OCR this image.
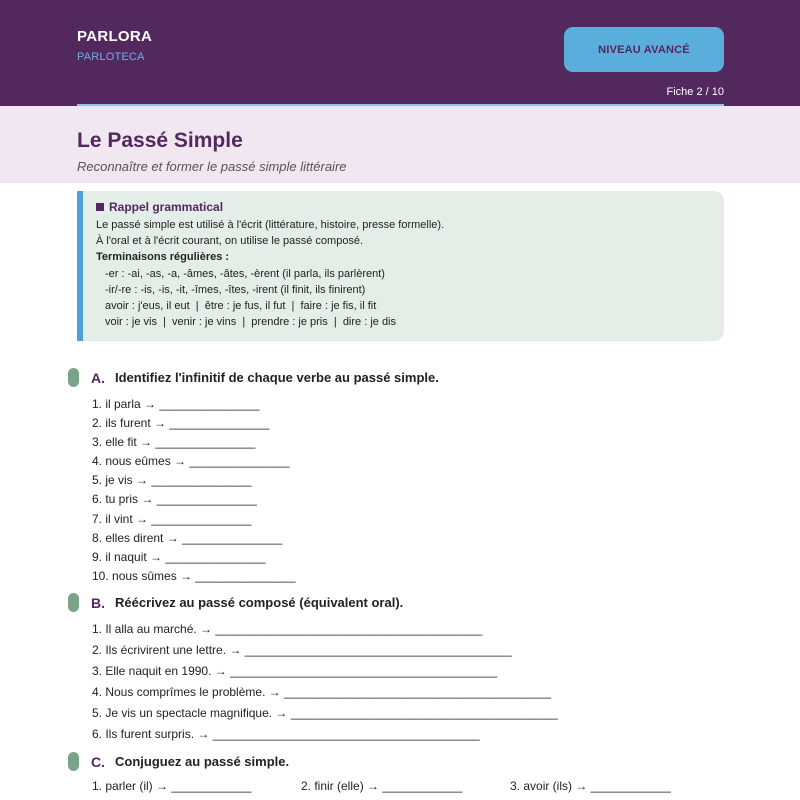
PARLORA
PARLOTECA
NIVEAU AVANCÉ
Fiche 2 / 10
Le Passé Simple
Reconnaître et former le passé simple littéraire
Rappel grammatical
Le passé simple est utilisé à l'écrit (littérature, histoire, presse formelle).
À l'oral et à l'écrit courant, on utilise le passé composé.
Terminaisons régulières :
-er : -ai, -as, -a, -âmes, -âtes, -èrent (il parla, ils parlèrent)
-ir/-re : -is, -is, -it, -îmes, -îtes, -irent (il finit, ils finirent)
avoir : j'eus, il eut  |  être : je fus, il fut  |  faire : je fis, il fit
voir : je vis  |  venir : je vins  |  prendre : je pris  |  dire : je dis
A. Identifiez l'infinitif de chaque verbe au passé simple.
1. il parla → _______________
2. ils furent → _______________
3. elle fit → _______________
4. nous eûmes → _______________
5. je vis → _______________
6. tu pris → _______________
7. il vint → _______________
8. elles dirent → _______________
9. il naquit → _______________
10. nous sûmes → _______________
B. Réécrivez au passé composé (équivalent oral).
1. Il alla au marché. → ________________________________________
2. Ils écrivirent une lettre. → ________________________________________
3. Elle naquit en 1990. → ________________________________________
4. Nous comprîmes le problème. → ________________________________________
5. Je vis un spectacle magnifique. → ________________________________________
6. Ils furent surpris. → ________________________________________
C. Conjuguez au passé simple.
1. parler (il) → ____________	2. finir (elle) → ____________	3. avoir (ils) → ____________
